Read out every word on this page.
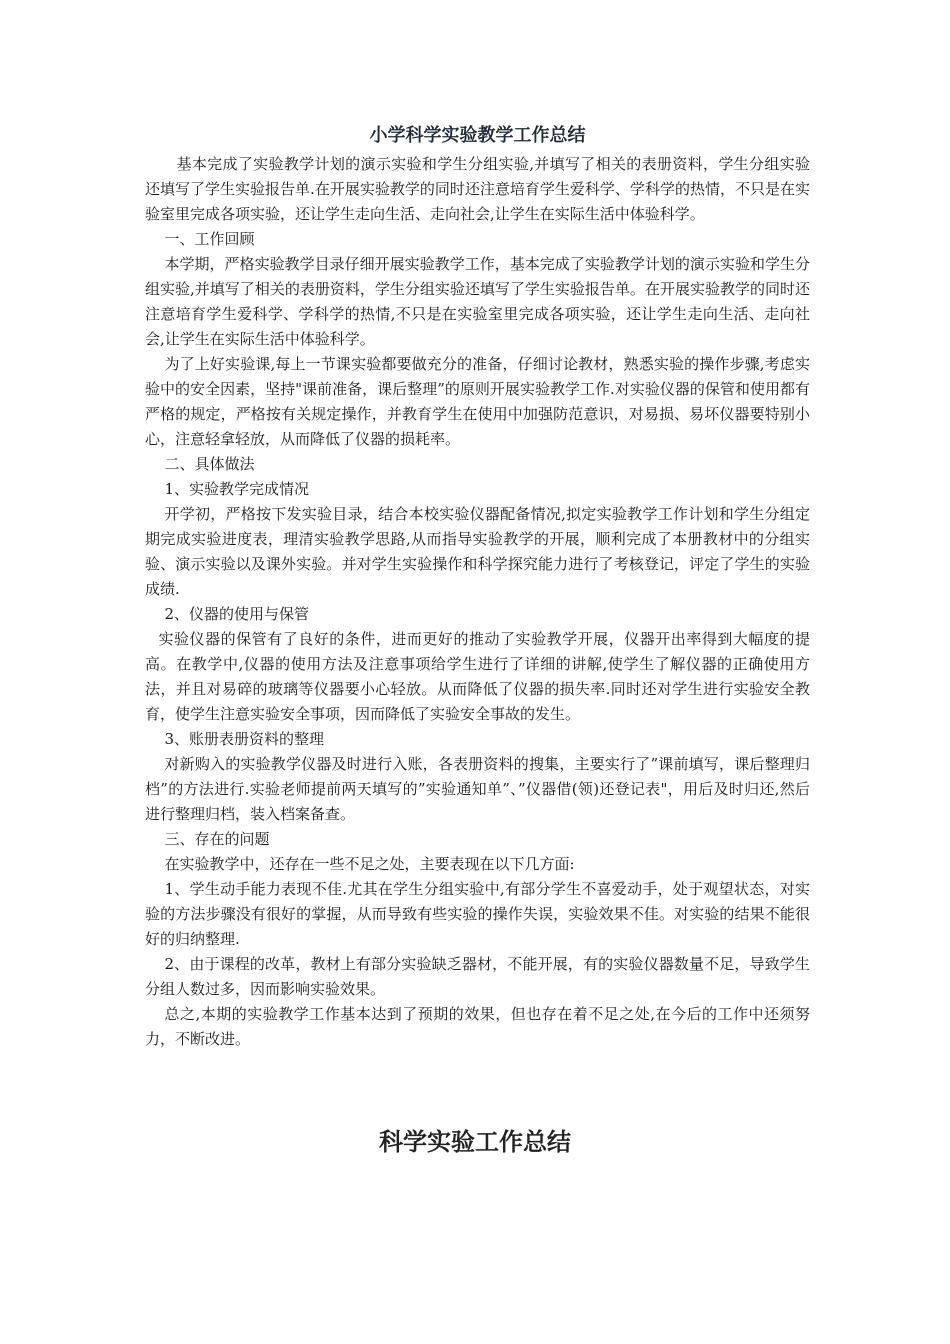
小学科学实验教学工作总结

基本完成了实验教学计划的演示实验和学生分组实验,并填写了相关的表册资料，学生分组实验还填写了学生实验报告单.在开展实验教学的同时还注意培育学生爱科学、学科学的热情，不只是在实验室里完成各项实验，还让学生走向生活、走向社会,让学生在实际生活中体验科学。

一、工作回顾

本学期，严格实验教学目录仔细开展实验教学工作，基本完成了实验教学计划的演示实验和学生分组实验,并填写了相关的表册资料，学生分组实验还填写了学生实验报告单。在开展实验教学的同时还注意培育学生爱科学、学科学的热情,不只是在实验室里完成各项实验，还让学生走向生活、走向社会,让学生在实际生活中体验科学。

为了上好实验课,每上一节课实验都要做充分的准备，仔细讨论教材，熟悉实验的操作步骤,考虑实验中的安全因素，坚持"课前准备，课后整理”的原则开展实验教学工作.对实验仪器的保管和使用都有严格的规定，严格按有关规定操作，并教育学生在使用中加强防范意识，对易损、易坏仪器要特别小心，注意轻拿轻放，从而降低了仪器的损耗率。

二、具体做法

1、实验教学完成情况

开学初，严格按下发实验目录，结合本校实验仪器配备情况,拟定实验教学工作计划和学生分组定期完成实验进度表，理清实验教学思路,从而指导实验教学的开展，顺利完成了本册教材中的分组实验、演示实验以及课外实验。并对学生实验操作和科学探究能力进行了考核登记，评定了学生的实验成绩.

2、仪器的使用与保管

实验仪器的保管有了良好的条件，进而更好的推动了实验教学开展，仪器开出率得到大幅度的提高。在教学中,仪器的使用方法及注意事项给学生进行了详细的讲解,使学生了解仪器的正确使用方法，并且对易碎的玻璃等仪器要小心轻放。从而降低了仪器的损失率.同时还对学生进行实验安全教育，使学生注意实验安全事项，因而降低了实验安全事故的发生。

3、账册表册资料的整理

对新购入的实验教学仪器及时进行入账，各表册资料的搜集，主要实行了”课前填写，课后整理归档”的方法进行.实验老师提前两天填写的”实验通知单”、”仪器借(领)还登记表"，用后及时归还,然后进行整理归档，装入档案备查。

三、存在的问题

在实验教学中，还存在一些不足之处，主要表现在以下几方面:

1、学生动手能力表现不佳.尤其在学生分组实验中,有部分学生不喜爱动手，处于观望状态，对实验的方法步骤没有很好的掌握，从而导致有些实验的操作失误，实验效果不佳。对实验的结果不能很好的归纳整理.

2、由于课程的改革，教材上有部分实验缺乏器材，不能开展，有的实验仪器数量不足，导致学生分组人数过多，因而影响实验效果。

总之,本期的实验教学工作基本达到了预期的效果，但也存在着不足之处,在今后的工作中还须努力，不断改进。

科学实验工作总结
